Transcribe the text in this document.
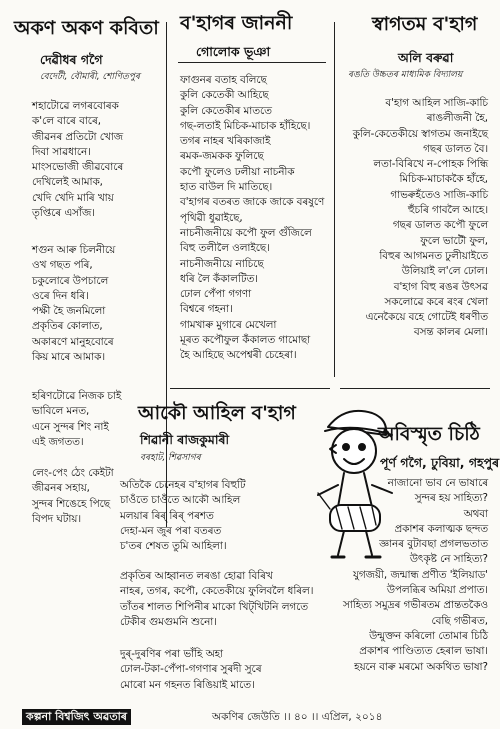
অকণ অকণ কবিতা
দেৱীধৰ গগৈ
বেদেটী, বৌমাৰী, শোণিতপুৰ

শহাটোৱে লগৰবোৰক

ক'লে বাৰে বাৰে,

জীৱনৰ প্ৰতিটো খোজ

দিবা সাৱধানে।

মাংসভোজী জীৱবোৰে

দেখিলেই আমাক,

খেদি খেদি মাৰি খায়

তৃপ্তিৰে এসাঁজ।

শগুন আৰু চিলনীয়ে

ওখ গছত পৰি,

চকুলোৰে উপচালে

ওৰে দিন ধৰি।

পক্ষী হৈ জনমিলো

প্ৰকৃতিৰ কোলাত,

অকাৰণে মানুহবোৰে

কিয় মাৰে আমাক।

হৰিণটোৱে নিজক চাই

ভাবিলে মনত,

এনে সুন্দৰ শিং নাই

এই জগতত।

লেং-পেং ঠেং কেইটা

জীৱনৰ সহায়,

সুন্দৰ শিঙেহে পিছে

বিপদ ঘটায়।

ব'হাগৰ জাননী
গোলোক ভূঞা

ফাগুনৰ বতাহ বলিছে

কুলি কেতেকী আহিছে

কুলি কেতেকীৰ মাততে

গছ-লতাই মিচিক-মাচাক হাঁহিছে।

তগৰ নাহৰ খৰিকাজাই

ৰমক-জমকক ফুলিছে

কপৌ ফুলেও ঢলীয়া নাচনীক

হাত বাউল দি মাতিছে।

ব'হাগৰ বতৰত জাকে জাকে বৰষুণে

পৃথিৱী ধুৱাইছে,

নাচনীজনীয়ে কপৌ ফুল গুঁজিলে

বিহু তলীলৈ ওলাইছে।

নাচনীজনীয়ে নাচিছে

ধৰি লৈ কঁকালটিত।

ঢোল পেঁপা গগণা

বিশ্বৰে গহনা।

গামখাৰু মুগাৰে মেখেলা

মূৰত কপৌফুল কঁকালত গামোছা

হৈ আহিছে অপেশ্বৰী চেহেৰা।

স্বাগতম ব'হাগ
অলি বৰুৱা
ৰঙতি উচ্চতৰ মাধ্যমিক বিদ্যালয়

ব'হাগ আহিল সাজি-কাচি

ৰাঙলীজনী হৈ,

কুলি-কেতেকীয়ে স্বাগতম জনাইছে

গছৰ ডালত বৈ।

লতা-বিৰিখে ন-পোহক পিন্ধি

মিচিক-মাচাককৈ হাঁহে,

গাভৰুহঁতেও সাজি-কাচি

হুঁচৰি গাবলৈ আহে।

গছৰ ডালত কপৌ ফুলে

ফুলে ভাটৌ ফুল,

বিহুৰ আগমনত ঢুলীয়াইতে

উলিয়াই ল'লে ঢোল।

ব'হাগ বিহু ৰঙৰ উৎসৱ

সকলোৱে কৰে ৰংৰ খেলা

এনেকৈয়ে বহে গোটেই ধৰণীত

বসন্ত কালৰ মেলা।

আকৌ আহিল ব'হাগ
শিৱানী ৰাজকুমাৰী
বৰহাট, শিৱসাগৰ

অতিকৈ চেনেহৰ ব'হাগৰ বিহুটি

চাওঁতে চাওঁতে আকৌ আহিল

মলয়াৰ ৰিৰ্ ৰিৰ্ পৰশত

দেহা-মন জুৰ পৰা বতৰত

চ'তৰ শেষত তুমি আহিলা।

প্ৰকৃতিৰ আহ্বানত লৰঙা হোৱা বিৰিখ

নাহৰ, তগৰ, কপৌ, কেতেকীয়ে ফুলিবলৈ ধৰিল।

তাঁতৰ শালত শিপিনীৰ মাকো খিট্‌খিটনি লগতে

টেকীৰ গুমগুমনি শুনো।

দুৰ্-দুৰণিৰ পৰা ভাঁহি অহা

ঢোল-টকা-পেঁপা-গগণাৰ সুৰদী সুৰে

মোৰো মন গহনত ৰিঙিয়াই মাতে।

অবিস্মৃত চিঠি
পূৰ্ণ গগৈ, ঢুবিয়া, গহপুৰ

নাজানো ভাব নে ভাষাৰে

সুন্দৰ হয় সাহিত্য?

অথবা

প্ৰকাশৰ কলাত্মক ছন্দত

জ্ঞানৰ বুটাবছা প্ৰগলভতাত

উৎকৃষ্ট নে সাহিত্য?

যুগজয়ী, জন্মান্ধ প্ৰণীত 'ইলিয়াড'

উপলব্ধিৰ অমিয়া প্ৰপাত।

সাহিত্য সমুদ্ৰৰ গভীৰতম প্ৰান্ততকৈও

বেছি গভীৰত,

উন্মুক্তন কৰিলো তোমাৰ চিঠি

প্ৰকাশৰ পাণ্ডিত্যত হেৰাল ভাষা।

হয়নে বাৰু মৰমো অকথিত ভাষা?

কল্পনা বিশ্বজিৎ অৱতাৰ	অকণিৰ জেউতি ।। ৪০ ।। এপ্ৰিল, ২০১৪
